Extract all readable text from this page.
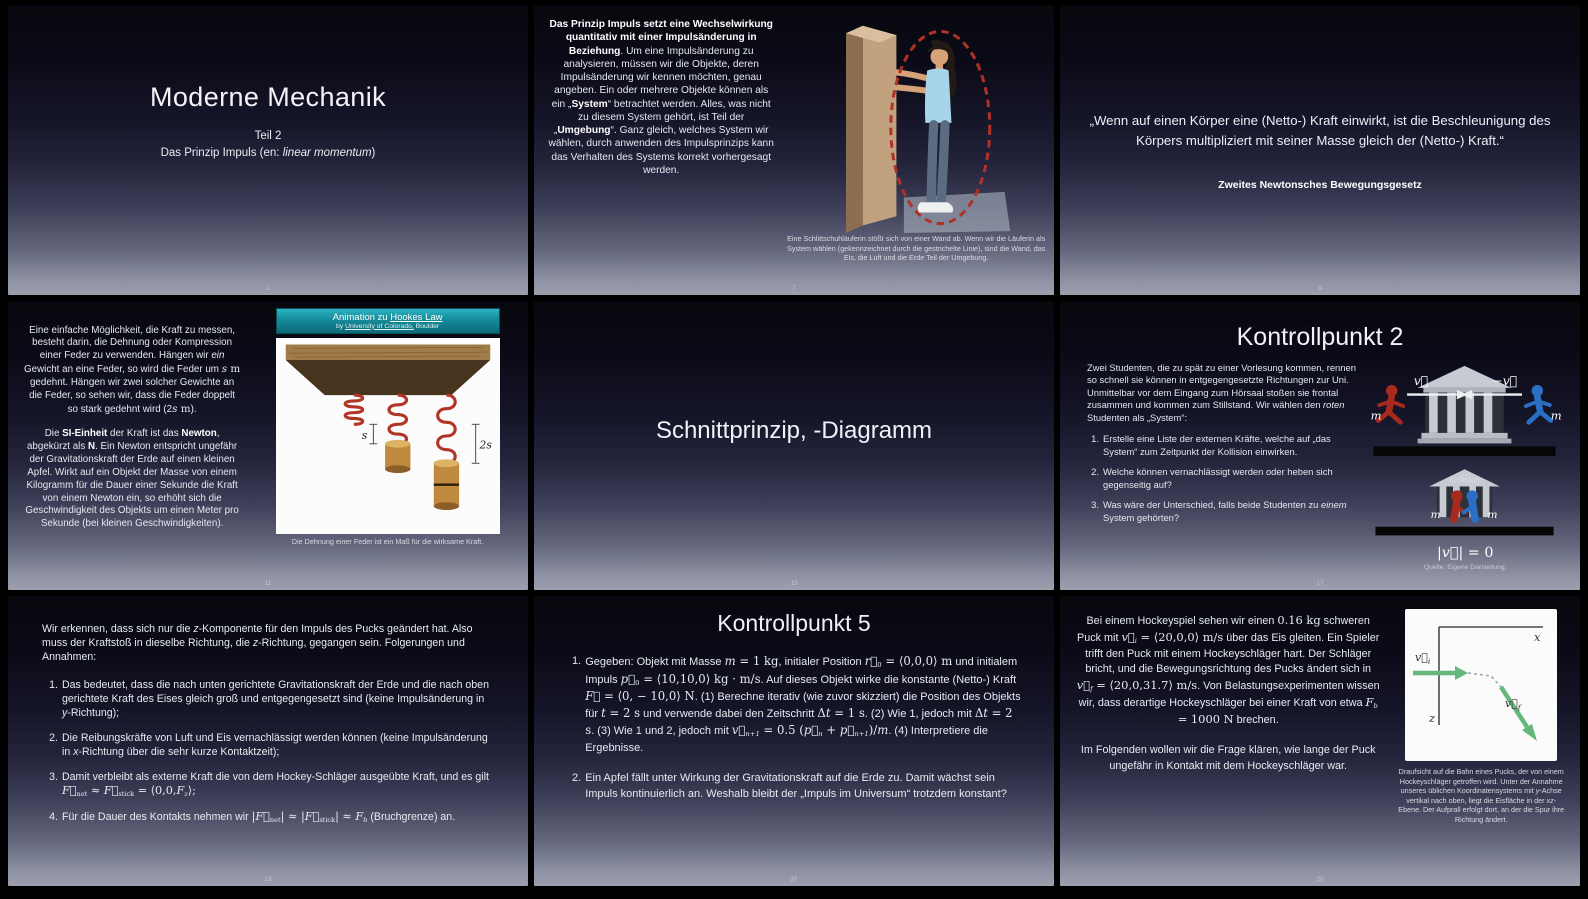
Moderne Mechanik
Teil 2
Das Prinzip Impuls (en: linear momentum)
1
Das Prinzip Impuls setzt eine Wechselwirkung quantitativ mit einer Impulsänderung in Beziehung. Um eine Impulsänderung zu analysieren, müssen wir die Objekte, deren Impulsänderung wir kennen möchten, genau angeben. Ein oder mehrere Objekte können als ein „System“ betrachtet werden. Alles, was nicht zu diesem System gehört, ist Teil der „Umgebung“. Ganz gleich, welches System wir wählen, durch anwenden des Impulsprinzips kann das Verhalten des Systems korrekt vorhergesagt werden.
Eine Schlittschuhläuferin stößt sich von einer Wand ab. Wenn wir die Läuferin als System wählen (gekennzeichnet durch die gestrichelte Linie), sind die Wand, das Eis, die Luft und die Erde Teil der Umgebung.
7
„Wenn auf einen Körper eine (Netto-) Kraft einwirkt, ist die Beschleunigung des Körpers multipliziert mit seiner Masse gleich der (Netto-) Kraft.“
Zweites Newtonsches Bewegungsgesetz
9
Eine einfache Möglichkeit, die Kraft zu messen, besteht darin, die Dehnung oder Kompression einer Feder zu verwenden. Hängen wir ein Gewicht an eine Feder, so wird die Feder um s m gedehnt. Hängen wir zwei solcher Gewichte an die Feder, so sehen wir, dass die Feder doppelt so stark gedehnt wird (2s m).
Die SI-Einheit der Kraft ist das Newton, abgekürzt als N. Ein Newton entspricht ungefähr der Gravitationskraft der Erde auf einen kleinen Apfel. Wirkt auf ein Objekt der Masse von einem Kilogramm für die Dauer einer Sekunde die Kraft von einem Newton ein, so erhöht sich die Geschwindigkeit des Objekts um einen Meter pro Sekunde (bei kleinen Geschwindigkeiten).
Animation zu Hookes Law
by University of Colorado, Boulder
s
2s
Die Dehnung einer Feder ist ein Maß für die wirksame Kraft.
11
Schnittprinzip, -Diagramm
15
Kontrollpunkt 2
Zwei Studenten, die zu spät zu einer Vorlesung kommen, rennen so schnell sie können in entgegengesetzte Richtungen zur Uni. Unmittelbar vor dem Eingang zum Hörsaal stoßen sie frontal zusammen und kommen zum Stillstand. Wir wählen den roten Studenten als „System“:
1. Erstelle eine Liste der externen Kräfte, welche auf „das System“ zum Zeitpunkt der Kollision einwirken.
2. Welche können vernachlässigt werden oder heben sich gegenseitig auf?
3. Was wäre der Unterschied, falls beide Studenten zu einem System gehörten?
v⃗
m
−v⃗
m
Kollision
m	m
|v⃗| = 0
Quelle: Eigene Darstellung.
17
Wir erkennen, dass sich nur die z-Komponente für den Impuls des Pucks geändert hat. Also muss der Kraftstoß in dieselbe Richtung, die z-Richtung, gegangen sein. Folgerungen und Annahmen:
1. Das bedeutet, dass die nach unten gerichtete Gravitationskraft der Erde und die nach oben gerichtete Kraft des Eises gleich groß und entgegengesetzt sind (keine Impulsänderung in y-Richtung);
2. Die Reibungskräfte von Luft und Eis vernachlässigt werden können (keine Impulsänderung in x-Richtung über die sehr kurze Kontaktzeit);
3. Damit verbleibt als externe Kraft die von dem Hockey-Schläger ausgeübte Kraft, und es gilt F⃗net ≈ F⃗stick = ⟨0,0,Fz⟩;
4. Für die Dauer des Kontakts nehmen wir |F⃗net| ≈ |F⃗stick| ≈ Fb (Bruchgrenze) an.
23
Kontrollpunkt 5
1. Gegeben: Objekt mit Masse m = 1 kg, initialer Position r⃗0 = ⟨0,0,0⟩ m und initialem Impuls p⃗0 = ⟨10,10,0⟩ kg · m/s. Auf dieses Objekt wirke die konstante (Netto-) Kraft F⃗ = ⟨0, − 10,0⟩ N. (1) Berechne iterativ (wie zuvor skizziert) die Position des Objekts für t = 2 s und verwende dabei den Zeitschritt Δt = 1 s. (2) Wie 1, jedoch mit Δt = 2 s. (3) Wie 1 und 2, jedoch mit v⃗n+1 = 0.5 (p⃗n + p⃗n+1)/m. (4) Interpretiere die Ergebnisse.
2. Ein Apfel fällt unter Wirkung der Gravitationskraft auf die Erde zu. Damit wächst sein Impuls kontinuierlich an. Weshalb bleibt der „Impuls im Universum“ trotzdem konstant?
37
Bei einem Hockeyspiel sehen wir einen 0.16 kg schweren Puck mit v⃗i = ⟨20,0,0⟩ m/s über das Eis gleiten. Ein Spieler trifft den Puck mit einem Hockeyschläger hart. Der Schläger bricht, und die Bewegungsrichtung des Pucks ändert sich in v⃗f = ⟨20,0,31.7⟩ m/s. Von Belastungsexperimenten wissen wir, dass derartige Hockeyschläger bei einer Kraft von etwa Fb = 1000 N brechen.
Im Folgenden wollen wir die Frage klären, wie lange der Puck ungefähr in Kontakt mit dem Hockeyschläger war.
x
z
$v⃗_i$
$v⃗_f$
Draufsicht auf die Bahn eines Pucks, der von einem Hockeyschläger getroffen wird. Unter der Annahme unseres üblichen Koordinatensystems mit y-Achse vertikal nach oben, liegt die Eisfläche in der xz-Ebene. Der Aufprall erfolgt dort, an der die Spur ihre Richtung ändert.
20
